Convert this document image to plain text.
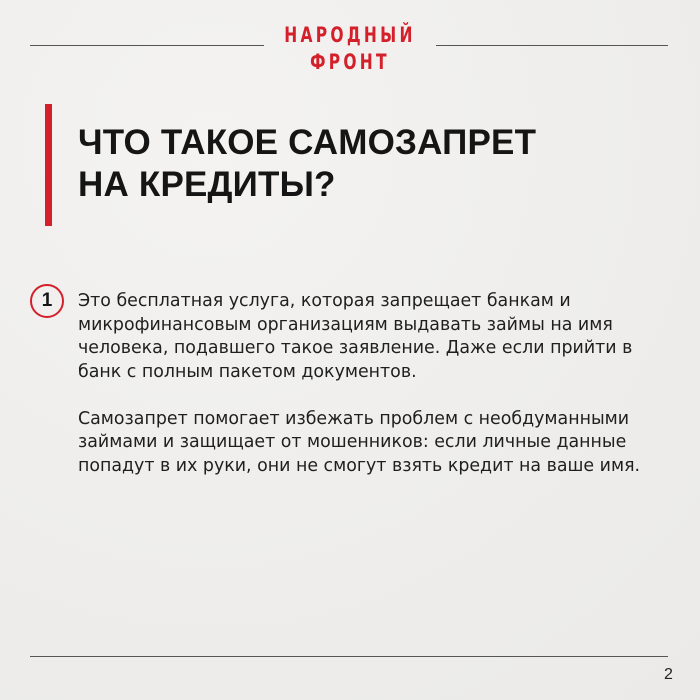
НАРОДНЫЙ
ФРОНТ
ЧТО ТАКОЕ САМОЗАПРЕТ
НА КРЕДИТЫ?
1	Это бесплатная услуга, которая запрещает банкам и микрофинансовым организациям выдавать займы на имя человека, подавшего такое заявление. Даже если прийти в банк с полным пакетом документов.

Самозапрет помогает избежать проблем с необдуманными займами и защищает от мошенников: если личные данные попадут в их руки, они не смогут взять кредит на ваше имя.

2
